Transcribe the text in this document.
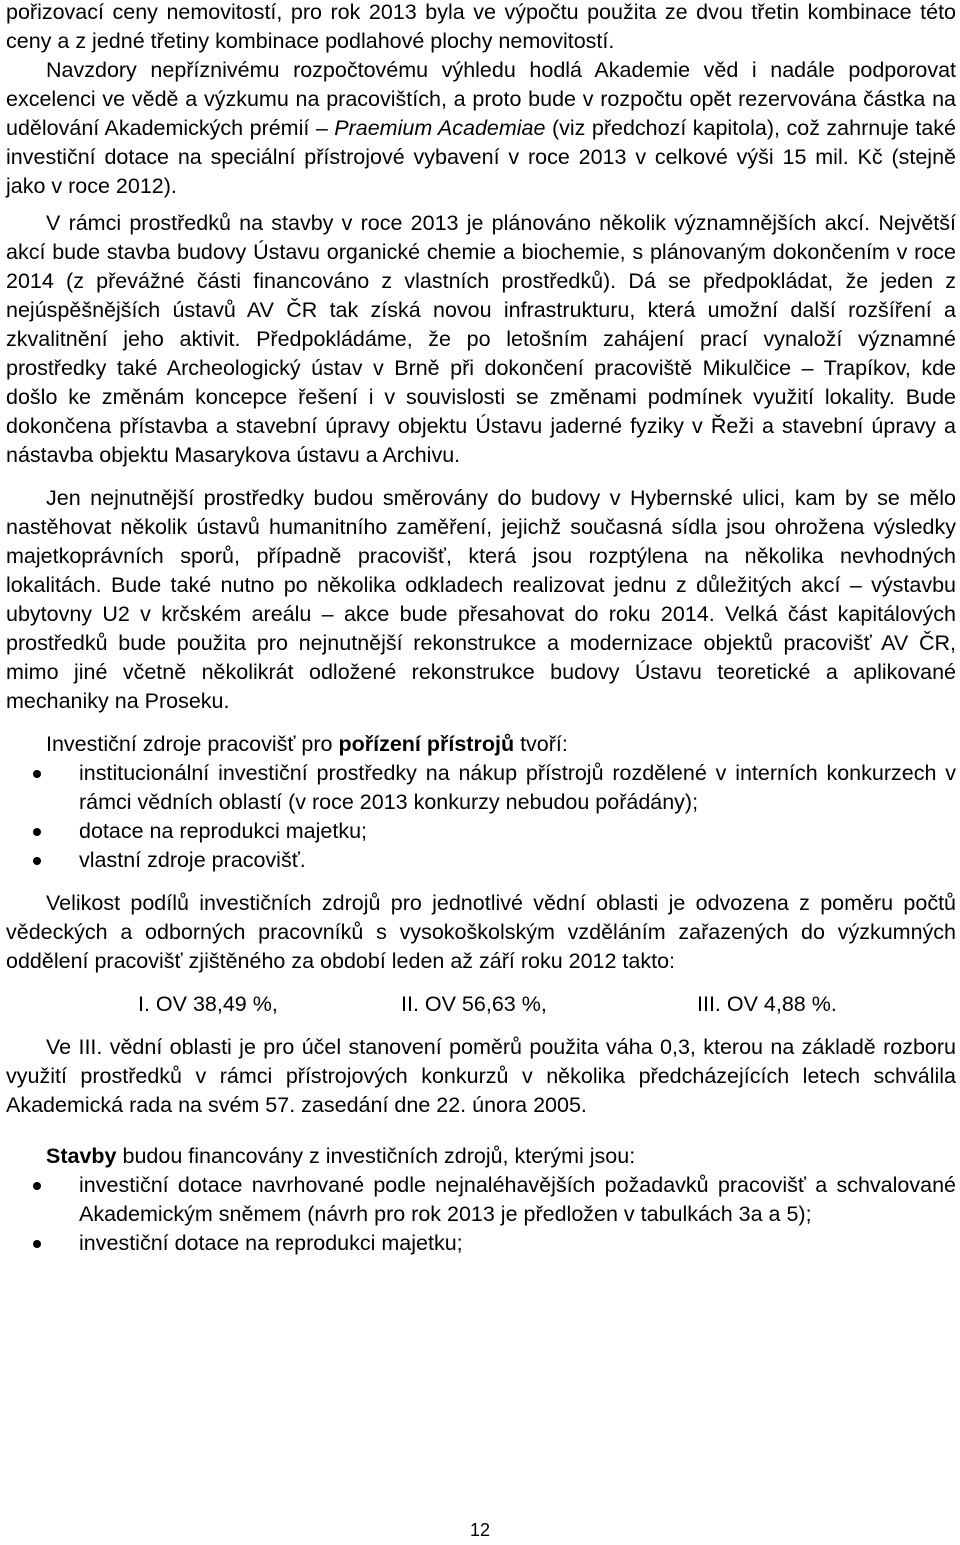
pořizovací ceny nemovitostí, pro rok 2013 byla ve výpočtu použita ze dvou třetin kombinace této ceny a z jedné třetiny kombinace podlahové plochy nemovitostí.

Navzdory nepříznivému rozpočtovému výhledu hodlá Akademie věd i nadále podporovat excelenci ve vědě a výzkumu na pracovištích, a proto bude v rozpočtu opět rezervována částka na udělování Akademických prémií – Praemium Academiae (viz předchozí kapitola), což zahrnuje také investiční dotace na speciální přístrojové vybavení v roce 2013 v celkové výši 15 mil. Kč (stejně jako v roce 2012).

V rámci prostředků na stavby v roce 2013 je plánováno několik významnějších akcí. Největší akcí bude stavba budovy Ústavu organické chemie a biochemie, s plánovaným dokončením v roce 2014 (z převážné části financováno z vlastních prostředků). Dá se předpokládat, že jeden z nejúspěšnějších ústavů AV ČR tak získá novou infrastrukturu, která umožní další rozšíření a zkvalitnění jeho aktivit. Předpokládáme, že po letošním zahájení prací vynaloží významné prostředky také Archeologický ústav v Brně při dokončení pracoviště Mikulčice – Trapíkov, kde došlo ke změnám koncepce řešení i v souvislosti se změnami podmínek využití lokality. Bude dokončena přístavba a stavební úpravy objektu Ústavu jaderné fyziky v Řeži a stavební úpravy a nástavba objektu Masarykova ústavu a Archivu.

Jen nejnutnější prostředky budou směrovány do budovy v Hybernské ulici, kam by se mělo nastěhovat několik ústavů humanitního zaměření, jejichž současná sídla jsou ohrožena výsledky majetkoprávních sporů, případně pracovišť, která jsou rozptýlena na několika nevhodných lokalitách. Bude také nutno po několika odkladech realizovat jednu z důležitých akcí – výstavbu ubytovny U2 v krčském areálu – akce bude přesahovat do roku 2014. Velká část kapitálových prostředků bude použita pro nejnutnější rekonstrukce a modernizace objektů pracovišť AV ČR, mimo jiné včetně několikrát odložené rekonstrukce budovy Ústavu teoretické a aplikované mechaniky na Proseku.

Investiční zdroje pracovišť pro pořízení přístrojů tvoří:

institucionální investiční prostředky na nákup přístrojů rozdělené v interních konkurzech v rámci vědních oblastí (v roce 2013 konkurzy nebudou pořádány);
dotace na reprodukci majetku;
vlastní zdroje pracovišť.

Velikost podílů investičních zdrojů pro jednotlivé vědní oblasti je odvozena z poměru počtů vědeckých a odborných pracovníků s vysokoškolským vzděláním zařazených do výzkumných oddělení pracovišť zjištěného za období leden až září roku 2012 takto:

I. OV 38,49 %,	II. OV 56,63 %,	III. OV 4,88 %.

Ve III. vědní oblasti je pro účel stanovení poměrů použita váha 0,3, kterou na základě rozboru využití prostředků v rámci přístrojových konkurzů v několika předcházejících letech schválila Akademická rada na svém 57. zasedání dne 22. února 2005.

Stavby budou financovány z investičních zdrojů, kterými jsou:

investiční dotace navrhované podle nejnaléhavějších požadavků pracovišť a schvalované Akademickým sněmem (návrh pro rok 2013 je předložen v tabulkách 3a a 5);
investiční dotace na reprodukci majetku;
12
